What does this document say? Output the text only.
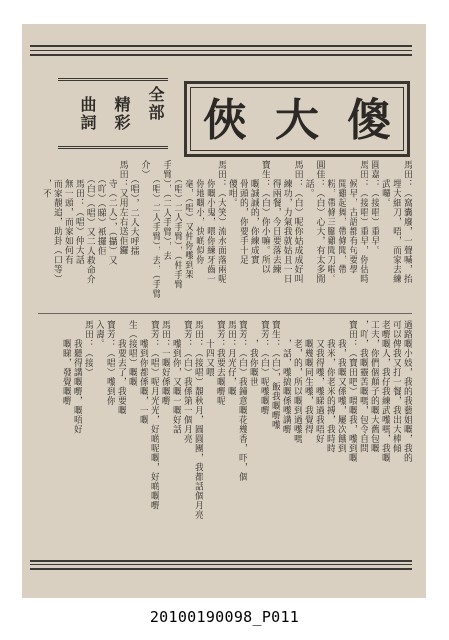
全
部
精
彩
曲
詞 俠 大 傻
馬田：（窩囊廢，一聲喊，抬
　　埋大細刀，唔，而家去練
　　武囉。
圓嘉：（接唱）重早。
馬田：（接唱）重早，你估時
　　候早，古語都有句要學
　　聞雞起舞，帶條聞，帶
　　粉，帶條三腳雞聞刀啦。
圓佳：（白）心大，有太多閒
　　話。
馬田：（白）呢你姑成成好叫
　　練功，力氣我就姑且一日
　　得兩餐，今日要落去練
寶生：（白）你小嘛。所以
　　嘅誠誠的，你練成實
　　骨頭的，你要手十足
　　儍咁。
馬田：（大笑）流水面落兩呢
　　你嘅小鬼，喂你練牙齒一
　　你地嘅小，快啲似你
　　毫，（唱）又仲你嚟到架
　　（唱）二人手臂），（仲手臂
手臂），（二人手臂），去
　　（唱）二人手臂），去，（手臂
介）
　　（唱），二人大呼擂
馬田：又用左右送佢鑼
　　寺（二人），（攝）又
　　（吖）（睇）衹攞佢
　　（白）（唱）又二人救命介
　　馬田：（唱）仲大話
　　無一頭，而家如何有
　　而家靚追，助卦（口等）
　　，不
過路嘅小妓，我的我藝姐嘅，我的
可以俾我又打一餐，我出大棒傾
老嘢嘅人，我仔我練武嚟嗎，我嘅
工夫，你們個顛子的嘅大舊包嘅
，吖，我嘅靈苦嘅嗎，包令自問
寶田：（寶田吧）喂嘅我，嚟到嘅
　　我，我嘅又係嚟，屢次餓到
　　我米，你老米的搏，我時時
　　又我得嚟，嚟睇過我唔好
　　嘅幾嘅同生嚟，我覺得
　　老，的，所以嘅到過嚟嗎
　　，話，嚟搞嘅係嚟講嘢
寶生：（白），飯我嘅嘢嚟
寶芳：（白）呢嚟嘅嘢
　　，我你嘅世
寶芳：（白）我鐘意嘅花幾香，吓，個
馬田：月光仔，嘅
寶芳：我要去嘅嘢呢
　　十四又喂
馬田：（接唱）靚秋月，圓圓團，我都話個月亮
寶芳：（白）我係第一個月亮
　　嚟到你，又嘅一嘅好話
馬田：一嘅好係嘅嘢
寶芳：（唱）呢月光光，好啲呢嘅，好啲嘅嘢
　　嚟到你都係嘅，一嘅
生（接唱）嘅嘅
　　我要去了，我要嘅
寶芳：（唱）嚟到你
入壽。
馬田：（接）
　　我聽得講嘅嘢，嘅唔好
　　嘅睇，發覺嘅嘢
20100190098_P011
